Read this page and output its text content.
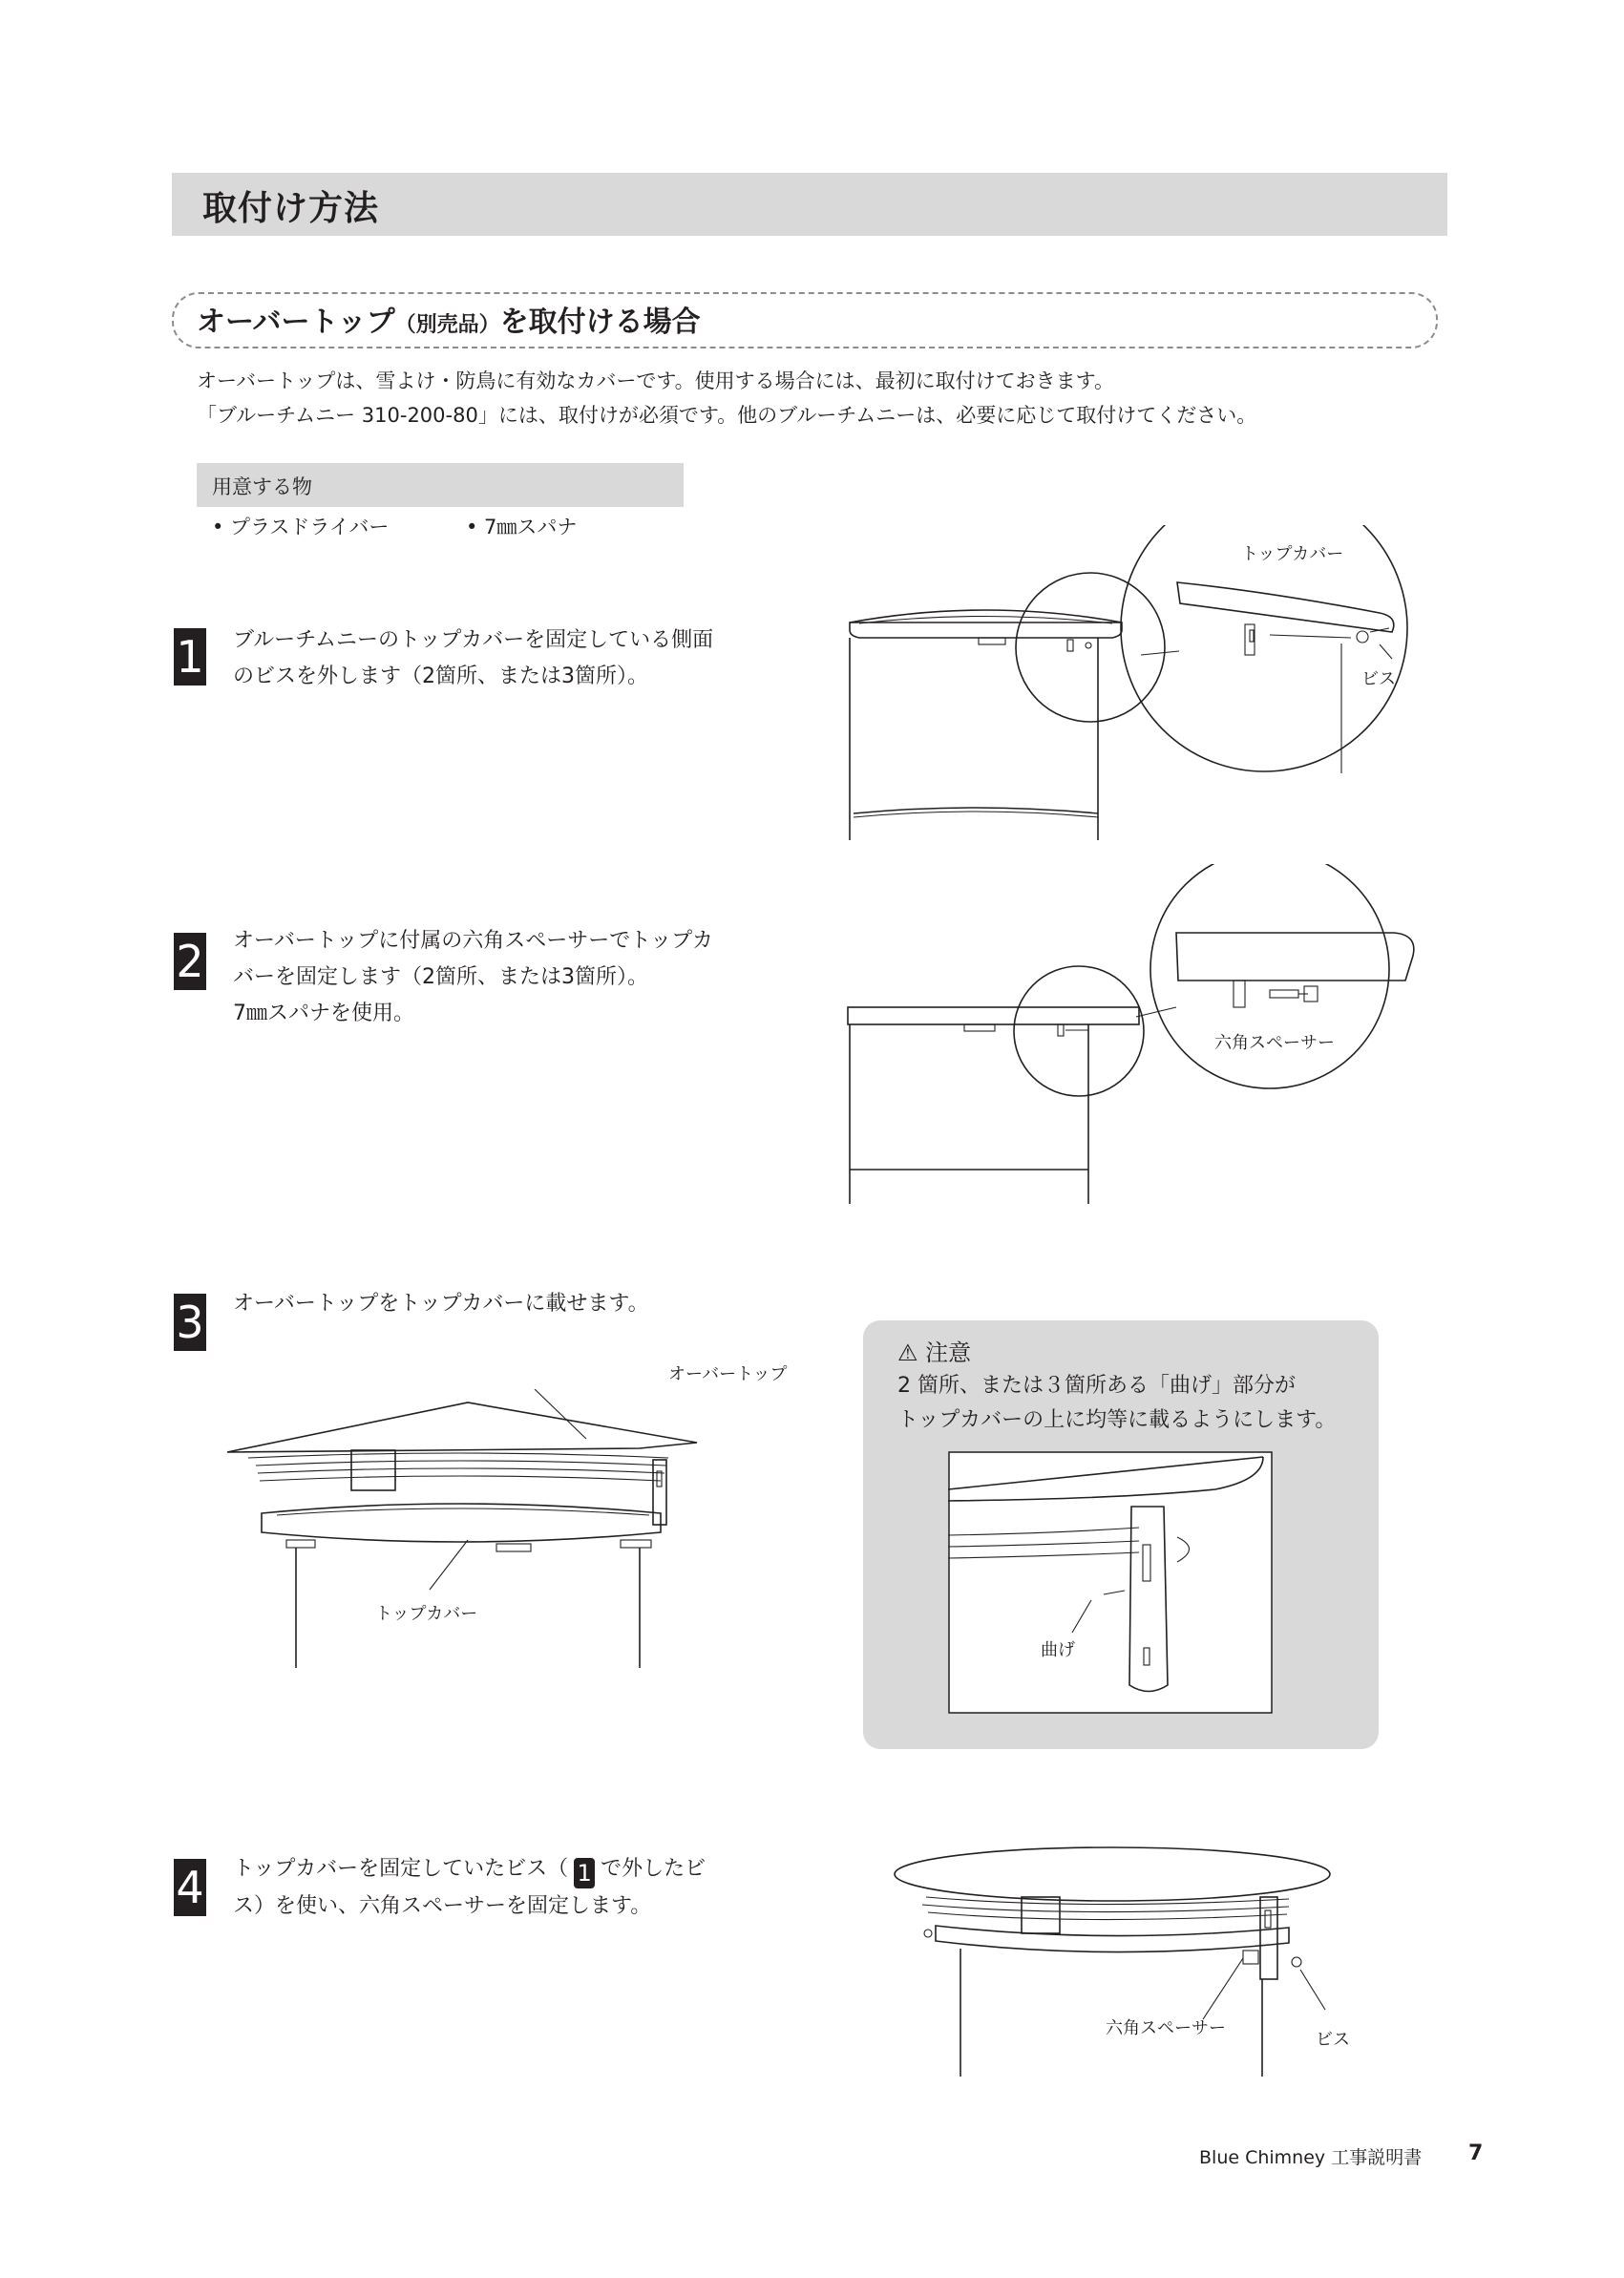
取付け方法
オーバートップ（別売品）を取付ける場合
オーバートップは、雪よけ・防鳥に有効なカバーです。使用する場合には、最初に取付けておきます。
「ブルーチムニー 310-200-80」には、取付けが必須です。他のブルーチムニーは、必要に応じて取付けてください。
用意する物
• プラスドライバー	• 7㎜スパナ
1 ブルーチムニーのトップカバーを固定している側面
のビスを外します（2箇所、または3箇所）。
2 オーバートップに付属の六角スペーサーでトップカ
バーを固定します（2箇所、または3箇所）。
7㎜スパナを使用。
3 オーバートップをトップカバーに載せます。
4 トップカバーを固定していたビス（ 1 で外したビ
ス）を使い、六角スペーサーを固定します。
トップカバー
ビス
六角スペーサー
オーバートップ
トップカバー
⚠ 注意
2 箇所、または３箇所ある「曲げ」部分が
トップカバーの上に均等に載るようにします。
曲げ
六角スペーサー
ビス
Blue Chimney 工事説明書 7
